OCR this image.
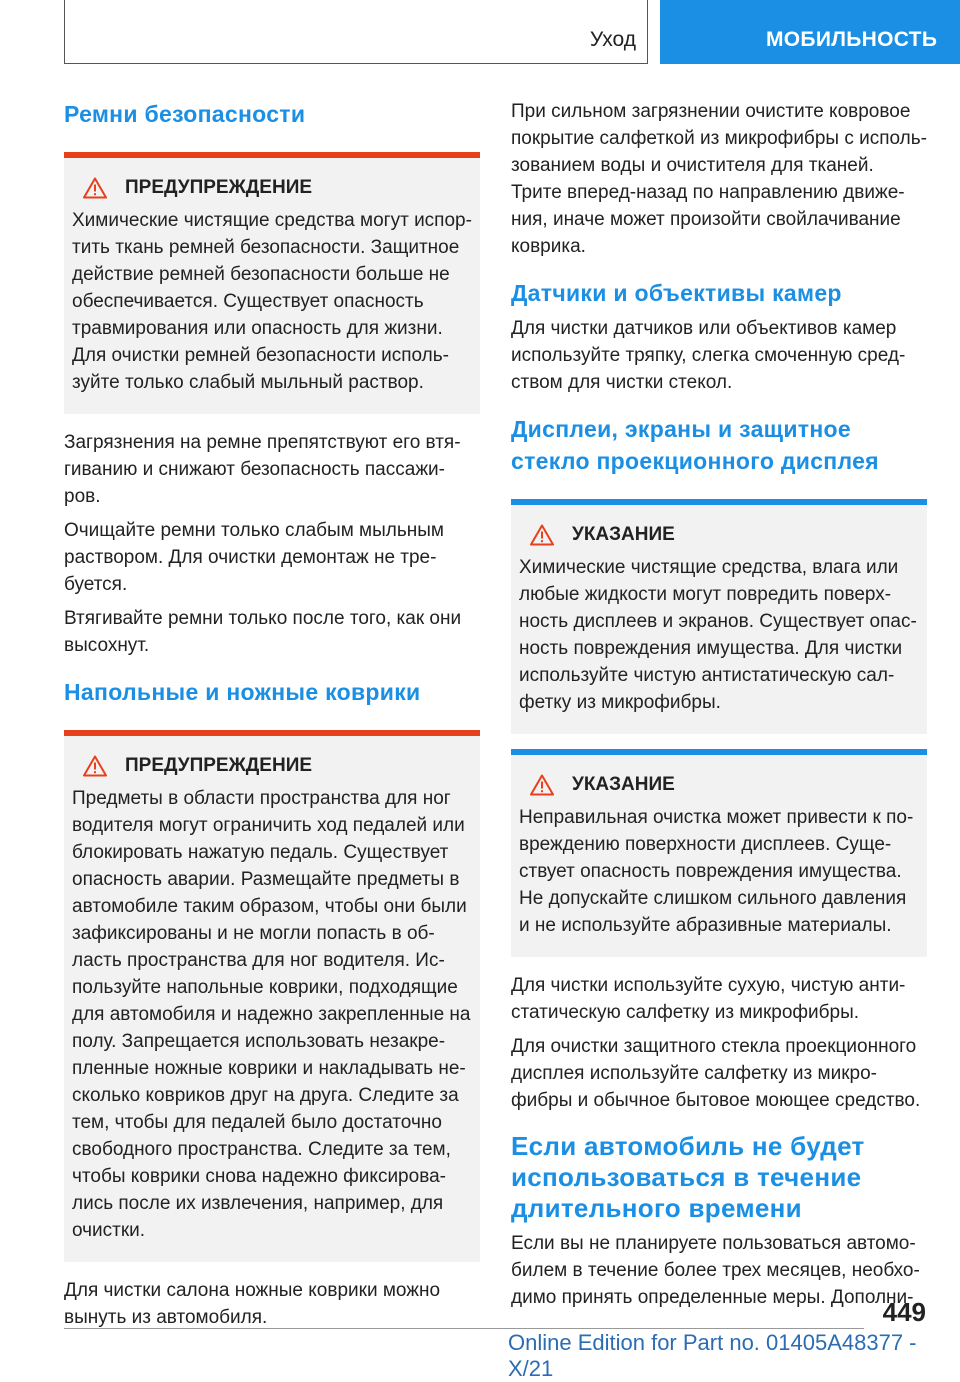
Уход	МОБИЛЬНОСТЬ
Ремни безопасности
ПРЕДУПРЕЖДЕНИЕ

Химические чистящие средства могут испор- тить ткань ремней безопасности. Защитное действие ремней безопасности больше не обеспечивается. Существует опасность травмирования или опасность для жизни. Для очистки ремней безопасности исполь- зуйте только слабый мыльный раствор.

Загрязнения на ремне препятствуют его втя- гиванию и снижают безопасность пассажи- ров.

Очищайте ремни только слабым мыльным раствором. Для очистки демонтаж не тре- буется.

Втягивайте ремни только после того, как они высохнут.

Напольные и ножные коврики
ПРЕДУПРЕЖДЕНИЕ

Предметы в области пространства для ног водителя могут ограничить ход педалей или блокировать нажатую педаль. Существует опасность аварии. Размещайте предметы в автомобиле таким образом, чтобы они были зафиксированы и не могли попасть в об- ласть пространства для ног водителя. Ис- пользуйте напольные коврики, подходящие для автомобиля и надежно закрепленные на полу. Запрещается использовать незакре- пленные ножные коврики и накладывать не- сколько ковриков друг на друга. Следите за тем, чтобы для педалей было достаточно свободного пространства. Следите за тем, чтобы коврики снова надежно фиксирова- лись после их извлечения, например, для очистки.

Для чистки салона ножные коврики можно вынуть из автомобиля.

При сильном загрязнении очистите ковровое покрытие салфеткой из микрофибры с исполь- зованием воды и очистителя для тканей. Трите вперед-назад по направлению движе- ния, иначе может произойти свойлачивание коврика.

Датчики и объективы камер

Для чистки датчиков или объективов камер используйте тряпку, слегка смоченную сред- ством для чистки стекол.

Дисплеи, экраны и защитное стекло проекционного дисплея
УКАЗАНИЕ

Химические чистящие средства, влага или любые жидкости могут повредить поверх- ность дисплеев и экранов. Существует опас- ность повреждения имущества. Для чистки используйте чистую антистатическую сал- фетку из микрофибры.

УКАЗАНИЕ

Неправильная очистка может привести к по- вреждению поверхности дисплеев. Суще- ствует опасность повреждения имущества. Не допускайте слишком сильного давления и не используйте абразивные материалы.

Для чистки используйте сухую, чистую анти- статическую салфетку из микрофибры.

Для очистки защитного стекла проекционного дисплея используйте салфетку из микро- фибры и обычное бытовое моющее средство.

Если автомобиль не будет использоваться в течение длительного времени

Если вы не планируете пользоваться автомо- билем в течение более трех месяцев, необхо- димо принять определенные меры. Дополни-

449
Online Edition for Part no. 01405A48377 - X/21
